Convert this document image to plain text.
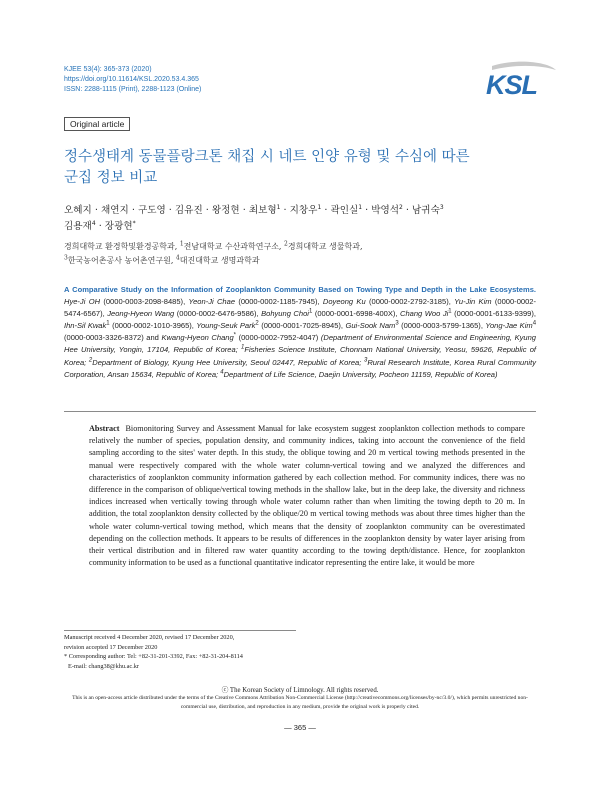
KJEE 53(4): 365-373 (2020)
https://doi.org/10.11614/KSL.2020.53.4.365
ISSN: 2288-1115 (Print), 2288-1123 (Online)	KSL
Original article
정수생태계 동물플랑크톤 채집 시 네트 인양 유형 및 수심에 따른
군집 정보 비교
오혜지 · 채연지 · 구도영 · 김유진 · 왕정현 · 최보형$^1$ · 지창우$^1$ · 곽인실$^1$ · 박영석$^2$ · 남귀숙$^3$
김용재$^4$ · 장광현*
경희대학교 환경학및환경공학과, $^1$전남대학교 수산과학연구소, $^2$경희대학교 생물학과,
$^3$한국농어촌공사 농어촌연구원, $^4$대진대학교 생명과학과
A Comparative Study on the Information of Zooplankton Community Based on Towing Type and Depth in the Lake Ecosystems. Hye-Ji OH (0000-0003-2098-8485), Yeon-Ji Chae (0000-0002-1185-7945), Doyeong Ku (0000-0002-2792-3185), Yu-Jin Kim (0000-0002-5474-6567), Jeong-Hyeon Wang (0000-0002-6476-9586), Bohyung Choi$^1$ (0000-0001-6998-400X), Chang Woo Ji$^1$ (0000-0001-6133-9399), Ihn-Sil Kwak$^1$ (0000-0002-1010-3965), Young-Seuk Park$^2$ (0000-0001-7025-8945), Gui-Sook Nam$^3$ (0000-0003-5799-1365), Yong-Jae Kim$^4$ (0000-0003-3326-8372) and Kwang-Hyeon Chang* (0000-0002-7952-4047) (Department of Environmental Science and Engineering, Kyung Hee University, Yongin, 17104, Republic of Korea; $^1$Fisheries Science Institute, Chonnam National University, Yeosu, 59626, Republic of Korea; $^2$Department of Biology, Kyung Hee University, Seoul 02447, Republic of Korea; $^3$Rural Research Institute, Korea Rural Community Corporation, Ansan 15634, Republic of Korea; $^4$Department of Life Science, Daejin University, Pocheon 11159, Republic of Korea)
Abstract Biomonitoring Survey and Assessment Manual for lake ecosystem suggest zooplankton collection methods to compare relatively the number of species, population density, and community indices, taking into account the convenience of the field sampling according to the sites' water depth. In this study, the oblique towing and 20 m vertical towing methods presented in the manual were respectively compared with the whole water column-vertical towing and we analyzed the differences and characteristics of zooplankton community information gathered by each collection method. For community indices, there was no difference in the comparison of oblique/vertical towing methods in the shallow lake, but in the deep lake, the diversity and richness indices increased when vertically towing through whole water column rather than when limiting the towing depth to 20 m. In addition, the total zooplankton density collected by the oblique/20 m vertical towing methods was about three times higher than the whole water column-vertical towing method, which means that the density of zooplankton community can be overestimated depending on the collection methods. It appears to be results of differences in the zooplankton density by water layer arising from their vertical distribution and in filtered raw water quantity according to the towing depth/distance. Hence, for zooplankton community information to be used as a functional quantitative indicator representing the entire lake, it would be more
Manuscript received 4 December 2020, revised 17 December 2020,
revision accepted 17 December 2020
* Corresponding author: Tel: +82-31-201-3392, Fax: +82-31-204-8114
E-mail: chang38@khu.ac.kr
ⓒ The Korean Society of Limnology. All rights reserved.
This is an open-access article distributed under the terms of the Creative Commons Attribution Non-Commercial License (http://creativecommons.org/licenses/by-nc/3.0/), which permits unrestricted non-commercial use, distribution, and reproduction in any medium, provide the original work is properly cited.
— 365 —
